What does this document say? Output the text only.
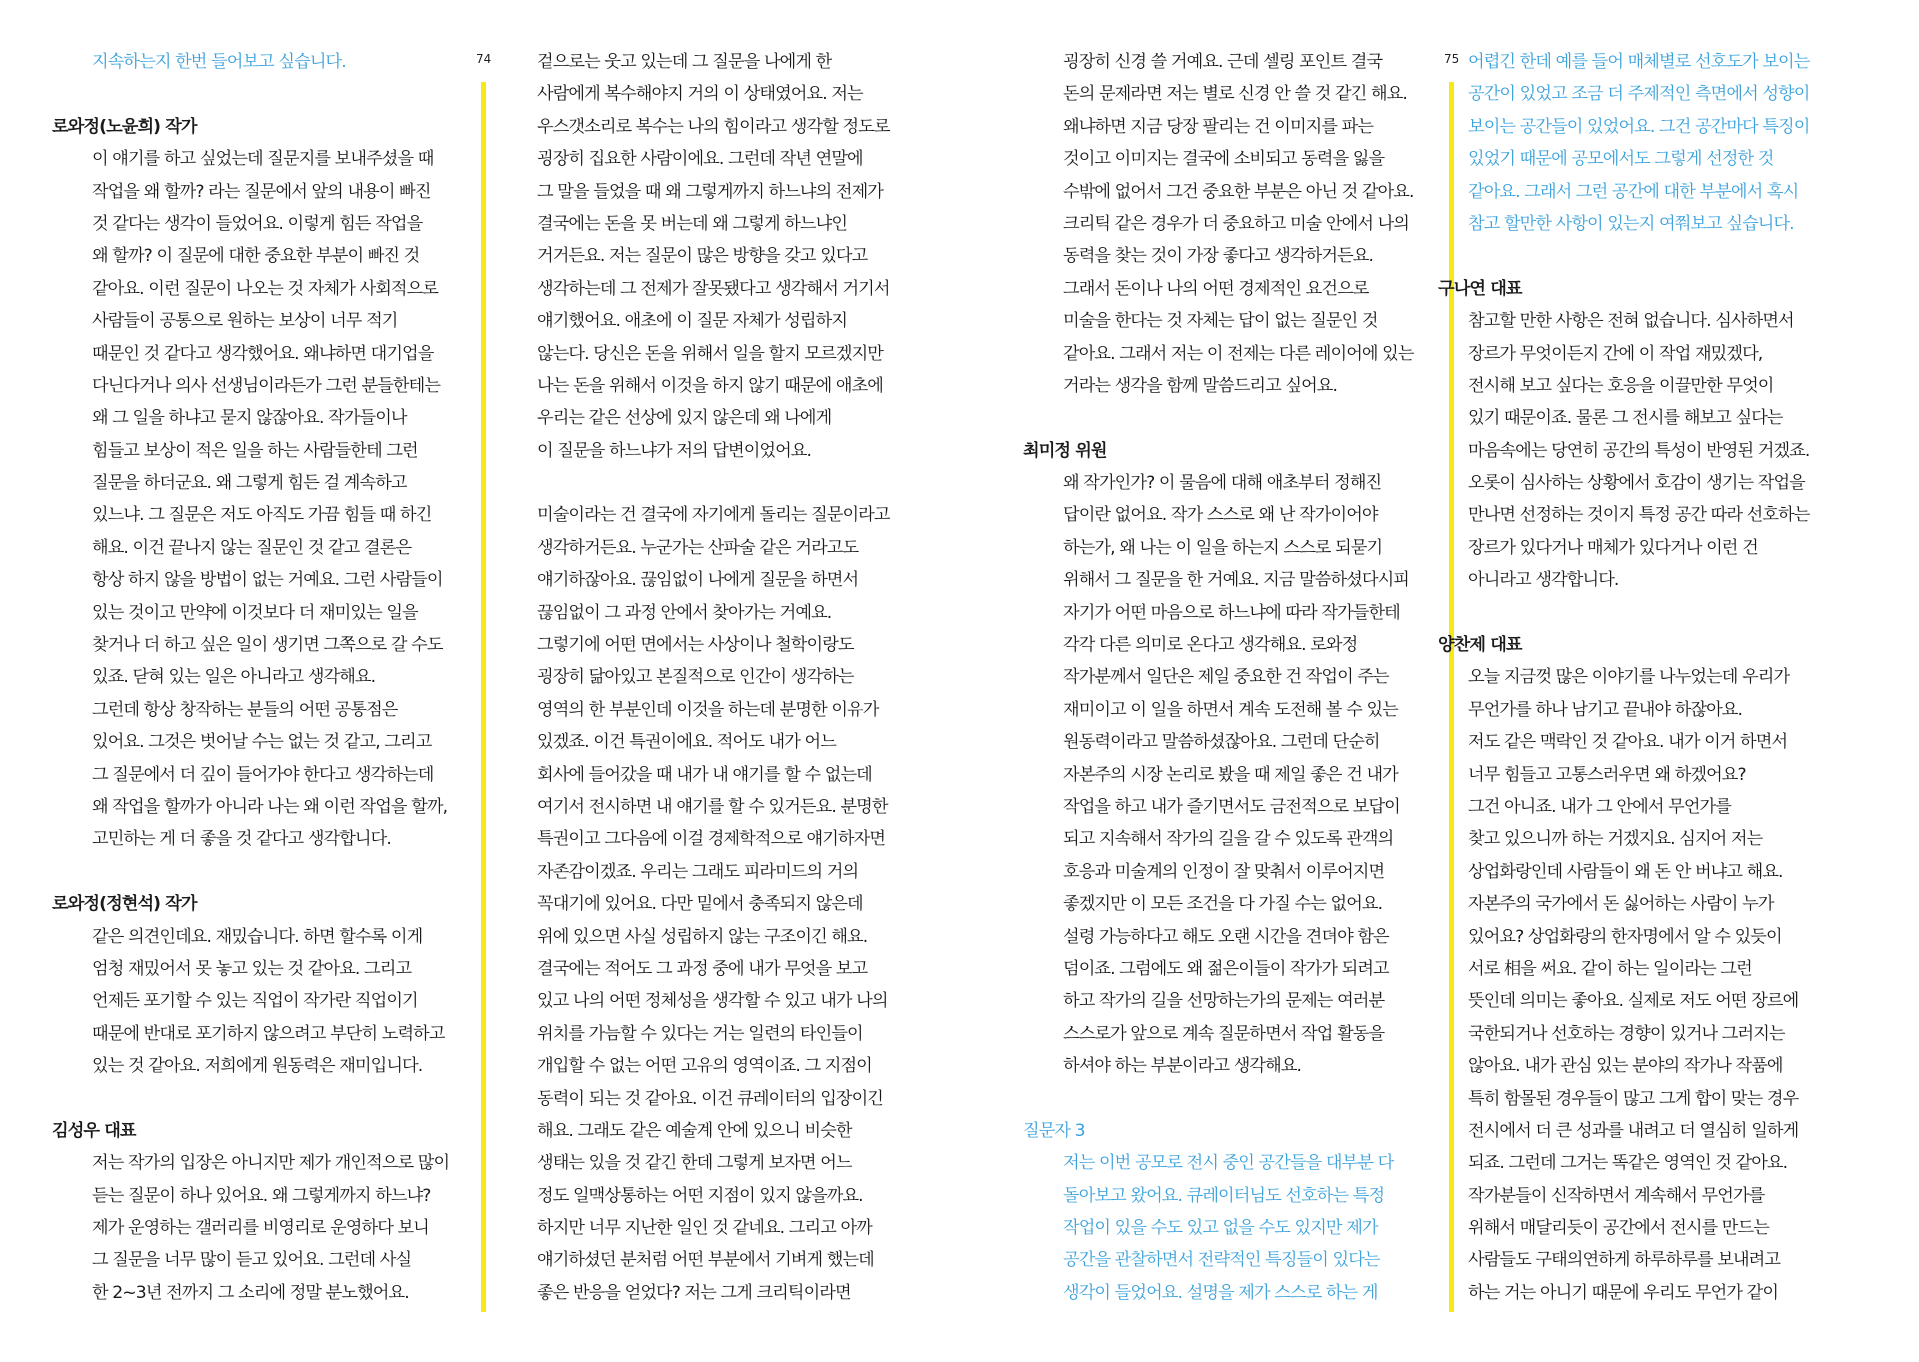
74	75
지속하는지 한번 들어보고 싶습니다.
로와정(노윤희) 작가
이 얘기를 하고 싶었는데 질문지를 보내주셨을 때
작업을 왜 할까? 라는 질문에서 앞의 내용이 빠진
것 같다는 생각이 들었어요. 이렇게 힘든 작업을
왜 할까? 이 질문에 대한 중요한 부분이 빠진 것
같아요. 이런 질문이 나오는 것 자체가 사회적으로
사람들이 공통으로 원하는 보상이 너무 적기
때문인 것 같다고 생각했어요. 왜냐하면 대기업을
다닌다거나 의사 선생님이라든가 그런 분들한테는
왜 그 일을 하냐고 묻지 않잖아요. 작가들이나
힘들고 보상이 적은 일을 하는 사람들한테 그런
질문을 하더군요. 왜 그렇게 힘든 걸 계속하고
있느냐. 그 질문은 저도 아직도 가끔 힘들 때 하긴
해요. 이건 끝나지 않는 질문인 것 같고 결론은
항상 하지 않을 방법이 없는 거예요. 그런 사람들이
있는 것이고 만약에 이것보다 더 재미있는 일을
찾거나 더 하고 싶은 일이 생기면 그쪽으로 갈 수도
있죠. 닫혀 있는 일은 아니라고 생각해요.
그런데 항상 창작하는 분들의 어떤 공통점은
있어요. 그것은 벗어날 수는 없는 것 같고, 그리고
그 질문에서 더 깊이 들어가야 한다고 생각하는데
왜 작업을 할까가 아니라 나는 왜 이런 작업을 할까,
고민하는 게 더 좋을 것 같다고 생각합니다.
로와정(정현석) 작가
같은 의견인데요. 재밌습니다. 하면 할수록 이게
엄청 재밌어서 못 놓고 있는 것 같아요. 그리고
언제든 포기할 수 있는 직업이 작가란 직업이기
때문에 반대로 포기하지 않으려고 부단히 노력하고
있는 것 같아요. 저희에게 원동력은 재미입니다.
김성우 대표
저는 작가의 입장은 아니지만 제가 개인적으로 많이
듣는 질문이 하나 있어요. 왜 그렇게까지 하느냐?
제가 운영하는 갤러리를 비영리로 운영하다 보니
그 질문을 너무 많이 듣고 있어요. 그런데 사실
한 2~3년 전까지 그 소리에 정말 분노했어요.
겉으로는 웃고 있는데 그 질문을 나에게 한
사람에게 복수해야지 거의 이 상태였어요. 저는
우스갯소리로 복수는 나의 힘이라고 생각할 정도로
굉장히 집요한 사람이에요. 그런데 작년 연말에
그 말을 들었을 때 왜 그렇게까지 하느냐의 전제가
결국에는 돈을 못 버는데 왜 그렇게 하느냐인
거거든요. 저는 질문이 많은 방향을 갖고 있다고
생각하는데 그 전제가 잘못됐다고 생각해서 거기서
얘기했어요. 애초에 이 질문 자체가 성립하지
않는다. 당신은 돈을 위해서 일을 할지 모르겠지만
나는 돈을 위해서 이것을 하지 않기 때문에 애초에
우리는 같은 선상에 있지 않은데 왜 나에게
이 질문을 하느냐가 저의 답변이었어요.
미술이라는 건 결국에 자기에게 돌리는 질문이라고
생각하거든요. 누군가는 산파술 같은 거라고도
얘기하잖아요. 끊임없이 나에게 질문을 하면서
끊임없이 그 과정 안에서 찾아가는 거예요.
그렇기에 어떤 면에서는 사상이나 철학이랑도
굉장히 닮아있고 본질적으로 인간이 생각하는
영역의 한 부분인데 이것을 하는데 분명한 이유가
있겠죠. 이건 특권이에요. 적어도 내가 어느
회사에 들어갔을 때 내가 내 얘기를 할 수 없는데
여기서 전시하면 내 얘기를 할 수 있거든요. 분명한
특권이고 그다음에 이걸 경제학적으로 얘기하자면
자존감이겠죠. 우리는 그래도 피라미드의 거의
꼭대기에 있어요. 다만 밑에서 충족되지 않은데
위에 있으면 사실 성립하지 않는 구조이긴 해요.
결국에는 적어도 그 과정 중에 내가 무엇을 보고
있고 나의 어떤 정체성을 생각할 수 있고 내가 나의
위치를 가늠할 수 있다는 거는 일련의 타인들이
개입할 수 없는 어떤 고유의 영역이죠. 그 지점이
동력이 되는 것 같아요. 이건 큐레이터의 입장이긴
해요. 그래도 같은 예술계 안에 있으니 비슷한
생태는 있을 것 같긴 한데 그렇게 보자면 어느
정도 일맥상통하는 어떤 지점이 있지 않을까요.
하지만 너무 지난한 일인 것 같네요. 그리고 아까
얘기하셨던 분처럼 어떤 부분에서 기벼게 했는데
좋은 반응을 얻었다? 저는 그게 크리틱이라면
굉장히 신경 쓸 거예요. 근데 셀링 포인트 결국
돈의 문제라면 저는 별로 신경 안 쓸 것 같긴 해요.
왜냐하면 지금 당장 팔리는 건 이미지를 파는
것이고 이미지는 결국에 소비되고 동력을 잃을
수밖에 없어서 그건 중요한 부분은 아닌 것 같아요.
크리틱 같은 경우가 더 중요하고 미술 안에서 나의
동력을 찾는 것이 가장 좋다고 생각하거든요.
그래서 돈이나 나의 어떤 경제적인 요건으로
미술을 한다는 것 자체는 답이 없는 질문인 것
같아요. 그래서 저는 이 전제는 다른 레이어에 있는
거라는 생각을 함께 말씀드리고 싶어요.
최미정 위원
왜 작가인가? 이 물음에 대해 애초부터 정해진
답이란 없어요. 작가 스스로 왜 난 작가이어야
하는가, 왜 나는 이 일을 하는지 스스로 되묻기
위해서 그 질문을 한 거예요. 지금 말씀하셨다시피
자기가 어떤 마음으로 하느냐에 따라 작가들한테
각각 다른 의미로 온다고 생각해요. 로와정
작가분께서 일단은 제일 중요한 건 작업이 주는
재미이고 이 일을 하면서 계속 도전해 볼 수 있는
원동력이라고 말씀하셨잖아요. 그런데 단순히
자본주의 시장 논리로 봤을 때 제일 좋은 건 내가
작업을 하고 내가 즐기면서도 금전적으로 보답이
되고 지속해서 작가의 길을 갈 수 있도록 관객의
호응과 미술계의 인정이 잘 맞춰서 이루어지면
좋겠지만 이 모든 조건을 다 가질 수는 없어요.
설령 가능하다고 해도 오랜 시간을 견뎌야 함은
덤이죠. 그럼에도 왜 젊은이들이 작가가 되려고
하고 작가의 길을 선망하는가의 문제는 여러분
스스로가 앞으로 계속 질문하면서 작업 활동을
하셔야 하는 부분이라고 생각해요.
질문자 3
저는 이번 공모로 전시 중인 공간들을 대부분 다
돌아보고 왔어요. 큐레이터님도 선호하는 특정
작업이 있을 수도 있고 없을 수도 있지만 제가
공간을 관찰하면서 전략적인 특징들이 있다는
생각이 들었어요. 설명을 제가 스스로 하는 게
어렵긴 한데 예를 들어 매체별로 선호도가 보이는
공간이 있었고 조금 더 주제적인 측면에서 성향이
보이는 공간들이 있었어요. 그건 공간마다 특징이
있었기 때문에 공모에서도 그렇게 선정한 것
같아요. 그래서 그런 공간에 대한 부분에서 혹시
참고 할만한 사항이 있는지 여쭤보고 싶습니다.
구나연 대표
참고할 만한 사항은 전혀 없습니다. 심사하면서
장르가 무엇이든지 간에 이 작업 재밌겠다,
전시해 보고 싶다는 호응을 이끌만한 무엇이
있기 때문이죠. 물론 그 전시를 해보고 싶다는
마음속에는 당연히 공간의 특성이 반영된 거겠죠.
오롯이 심사하는 상황에서 호감이 생기는 작업을
만나면 선정하는 것이지 특정 공간 따라 선호하는
장르가 있다거나 매체가 있다거나 이런 건
아니라고 생각합니다.
양찬제 대표
오늘 지금껏 많은 이야기를 나누었는데 우리가
무언가를 하나 남기고 끝내야 하잖아요.
저도 같은 맥락인 것 같아요. 내가 이거 하면서
너무 힘들고 고통스러우면 왜 하겠어요?
그건 아니죠. 내가 그 안에서 무언가를
찾고 있으니까 하는 거겠지요. 심지어 저는
상업화랑인데 사람들이 왜 돈 안 버냐고 해요.
자본주의 국가에서 돈 싫어하는 사람이 누가
있어요? 상업화랑의 한자명에서 알 수 있듯이
서로 相을 써요. 같이 하는 일이라는 그런
뜻인데 의미는 좋아요. 실제로 저도 어떤 장르에
국한되거나 선호하는 경향이 있거나 그러지는
않아요. 내가 관심 있는 분야의 작가나 작품에
특히 함몰된 경우들이 많고 그게 합이 맞는 경우
전시에서 더 큰 성과를 내려고 더 열심히 일하게
되죠. 그런데 그거는 똑같은 영역인 것 같아요.
작가분들이 신작하면서 계속해서 무언가를
위해서 매달리듯이 공간에서 전시를 만드는
사람들도 구태의연하게 하루하루를 보내려고
하는 거는 아니기 때문에 우리도 무언가 같이
